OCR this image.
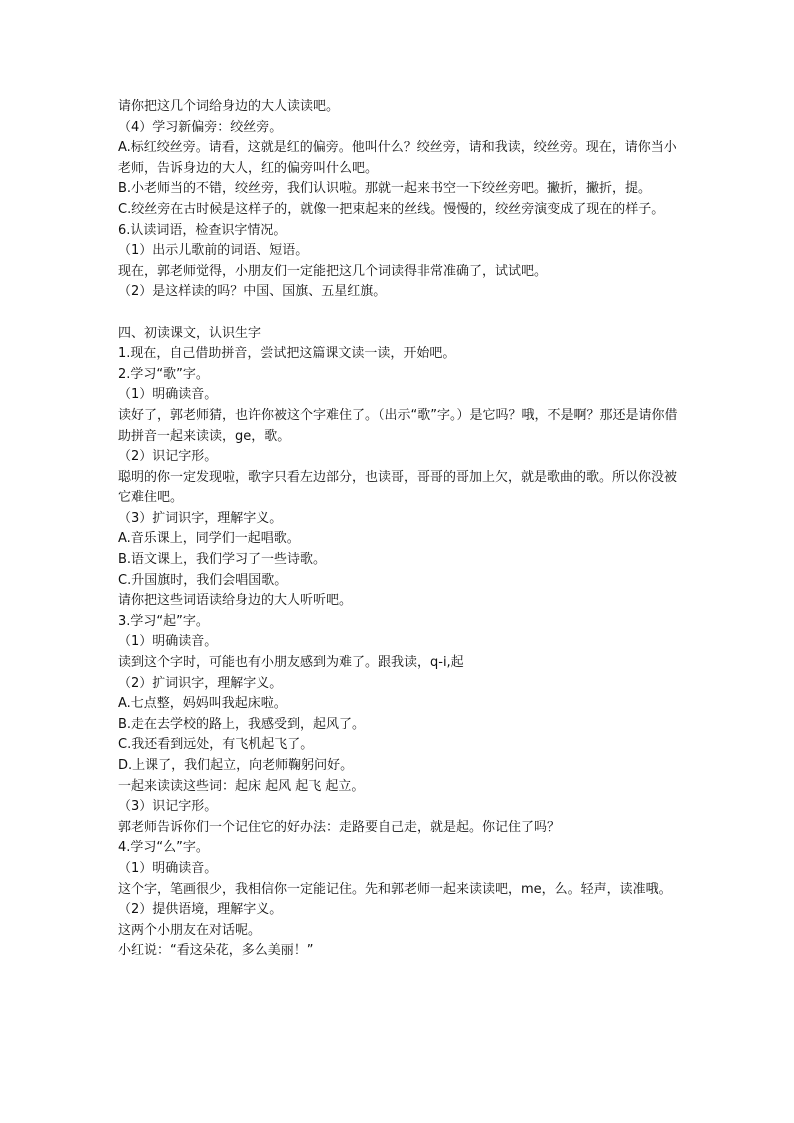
请你把这几个词给身边的大人读读吧。

（4）学习新偏旁：绞丝旁。

A.标红绞丝旁。请看，这就是红的偏旁。他叫什么？绞丝旁，请和我读，绞丝旁。现在，请你当小老师，告诉身边的大人，红的偏旁叫什么吧。

B.小老师当的不错，绞丝旁，我们认识啦。那就一起来书空一下绞丝旁吧。撇折，撇折，提。

C.绞丝旁在古时候是这样子的，就像一把束起来的丝线。慢慢的，绞丝旁演变成了现在的样子。

6.认读词语，检查识字情况。

（1）出示儿歌前的词语、短语。

现在，郭老师觉得，小朋友们一定能把这几个词读得非常准确了，试试吧。

（2）是这样读的吗？中国、国旗、五星红旗。

四、初读课文，认识生字

1.现在，自己借助拼音，尝试把这篇课文读一读，开始吧。

2.学习“歌”字。

（1）明确读音。

读好了，郭老师猜，也许你被这个字难住了。（出示“歌”字。）是它吗？哦，不是啊？那还是请你借助拼音一起来读读，ge，歌。

（2）识记字形。

聪明的你一定发现啦，歌字只看左边部分，也读哥，哥哥的哥加上欠，就是歌曲的歌。所以你没被它难住吧。

（3）扩词识字，理解字义。

A.音乐课上，同学们一起唱歌。

B.语文课上，我们学习了一些诗歌。

C.升国旗时，我们会唱国歌。

请你把这些词语读给身边的大人听听吧。

3.学习“起”字。

（1）明确读音。

读到这个字时，可能也有小朋友感到为难了。跟我读，q-i,起

（2）扩词识字，理解字义。

A.七点整，妈妈叫我起床啦。

B.走在去学校的路上，我感受到，起风了。

C.我还看到远处，有飞机起飞了。

D.上课了，我们起立，向老师鞠躬问好。

一起来读读这些词：起床 起风 起飞 起立。

（3）识记字形。

郭老师告诉你们一个记住它的好办法：走路要自己走，就是起。你记住了吗？

4.学习“么”字。

（1）明确读音。

这个字，笔画很少，我相信你一定能记住。先和郭老师一起来读读吧，me，么。轻声，读准哦。

（2）提供语境，理解字义。

这两个小朋友在对话呢。

小红说：“看这朵花，多么美丽！”
